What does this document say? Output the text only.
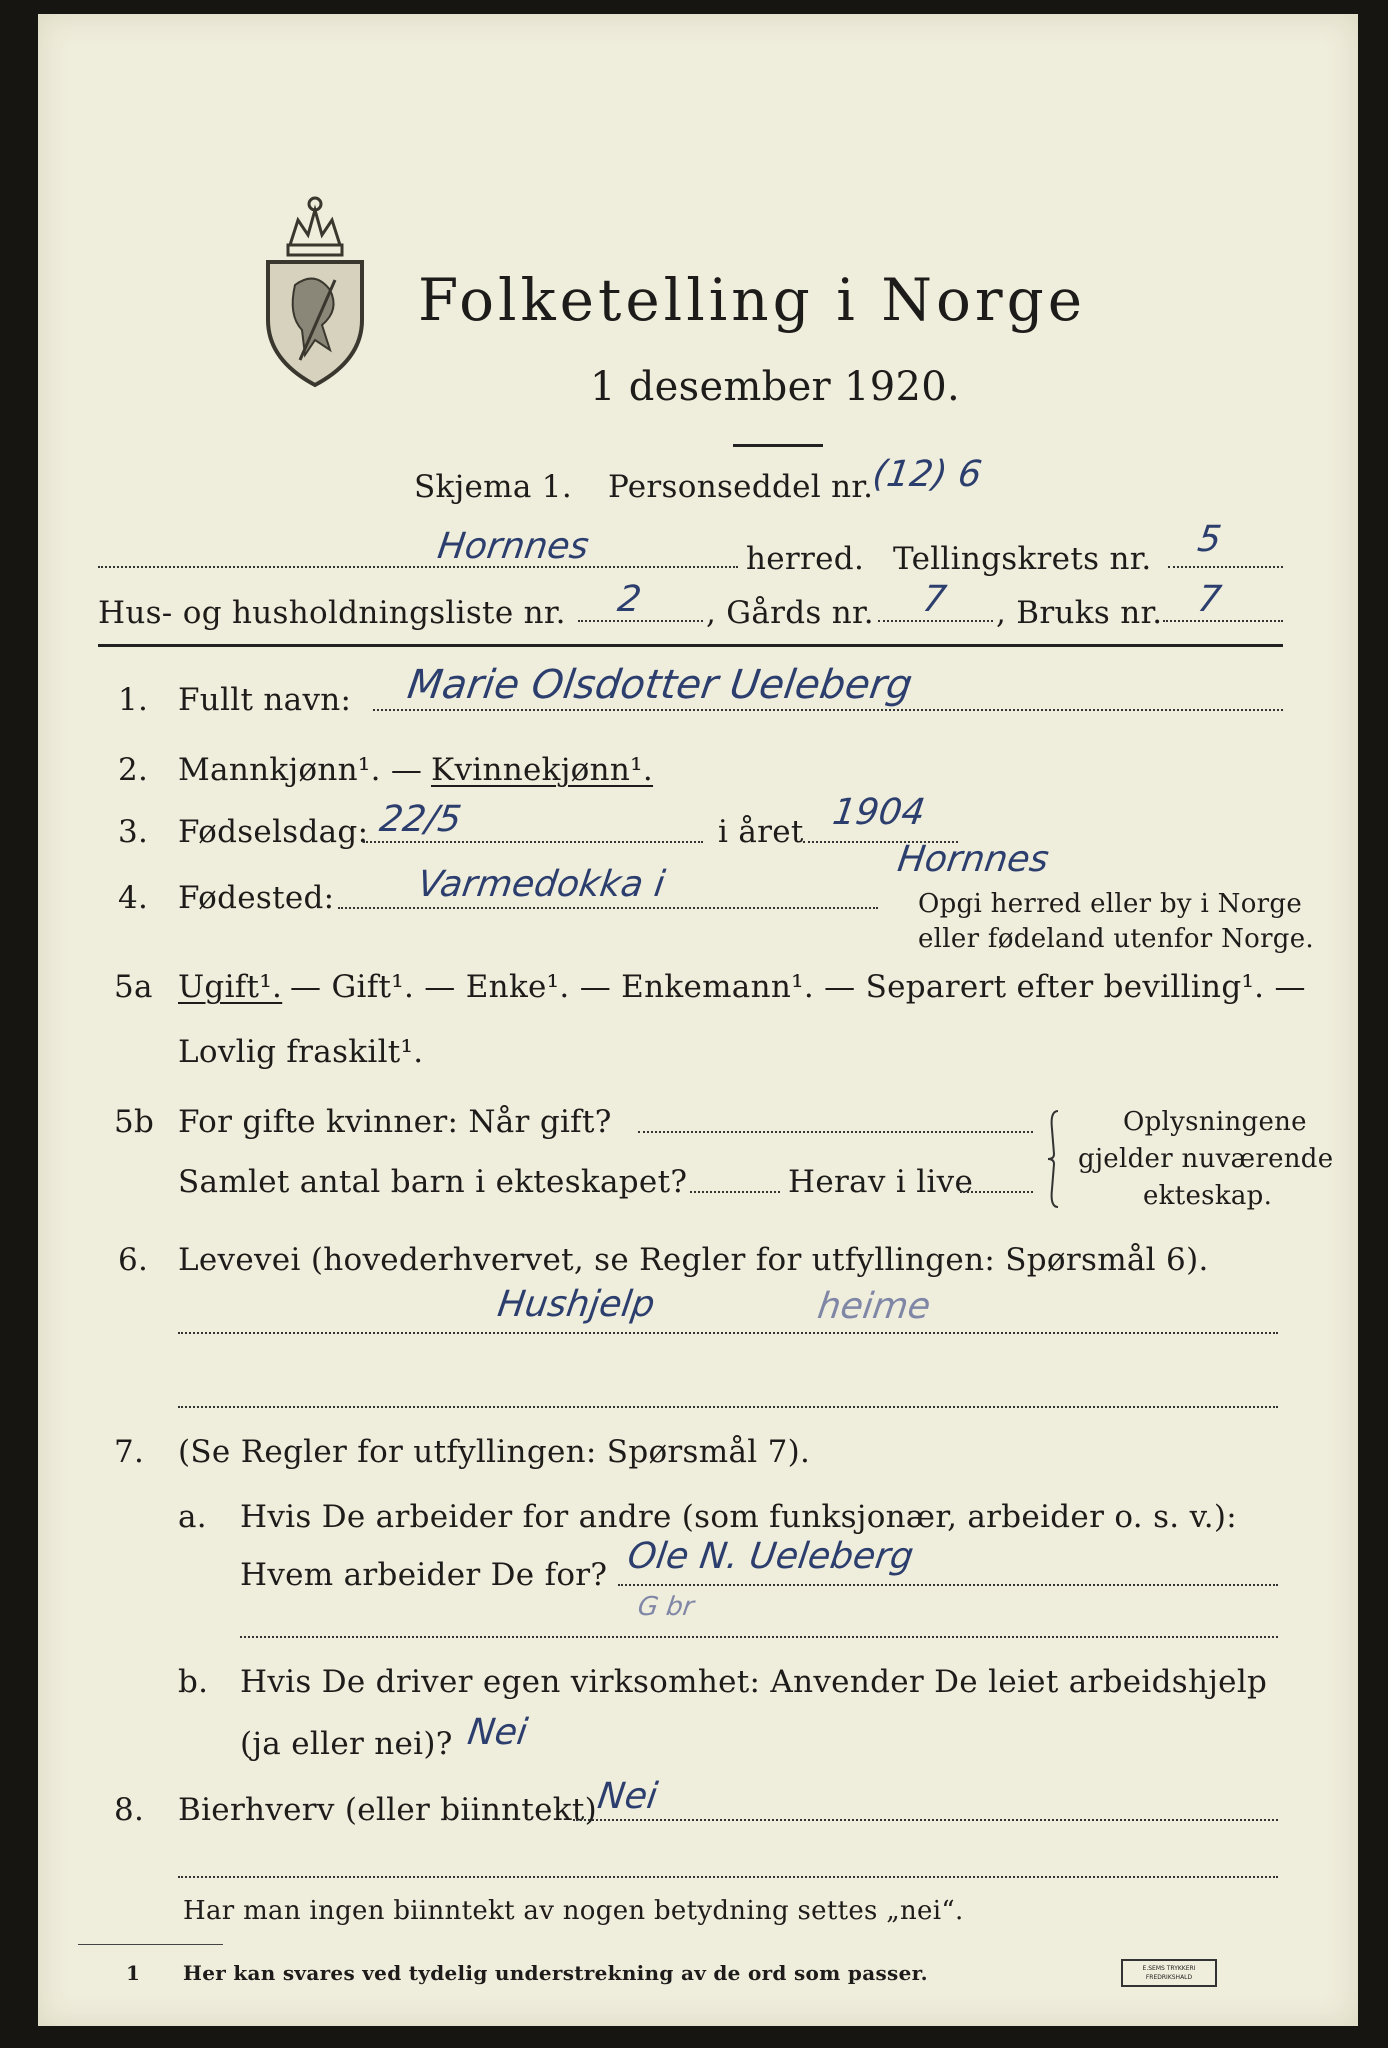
Folketelling i Norge
1 desember 1920.
Skjema 1. Personseddel nr.
(12) 6
Hornnes	herred. Tellingskrets nr. 5
Hus- og husholdningsliste nr. 2 , Gårds nr. 7 , Bruks nr. 7
1. Fullt navn: Marie Olsdotter Ueleberg
2. Mannkjønn¹. — Kvinnekjønn¹.
3. Fødselsdag: 22/5	i året 1904
4. Fødested: Varmedokka i
Hornnes
Opgi herred eller by i Norge
eller fødeland utenfor Norge.
5a Ugift¹. — Gift¹. — Enke¹. — Enkemann¹. — Separert efter bevilling¹. —
Lovlig fraskilt¹.
5b For gifte kvinner: Når gift?
Samlet antal barn i ekteskapet?	Herav i live
Oplysningene
gjelder nuværende
ekteskap.
6. Levevei (hovederhvervet, se Regler for utfyllingen: Spørsmål 6).
Hushjelp	heime
7. (Se Regler for utfyllingen: Spørsmål 7).
a. Hvis De arbeider for andre (som funksjonær, arbeider o. s. v.):
Hvem arbeider De for? Ole N. Ueleberg
G br
b. Hvis De driver egen virksomhet: Anvender De leiet arbeidshjelp
(ja eller nei)? Nei
8. Bierhverv (eller biinntekt)
Nei
Har man ingen biinntekt av nogen betydning settes „nei“.
1 Her kan svares ved tydelig understrekning av de ord som passer.	E.SEMS TRYKKERI FREDRIKSHALD
